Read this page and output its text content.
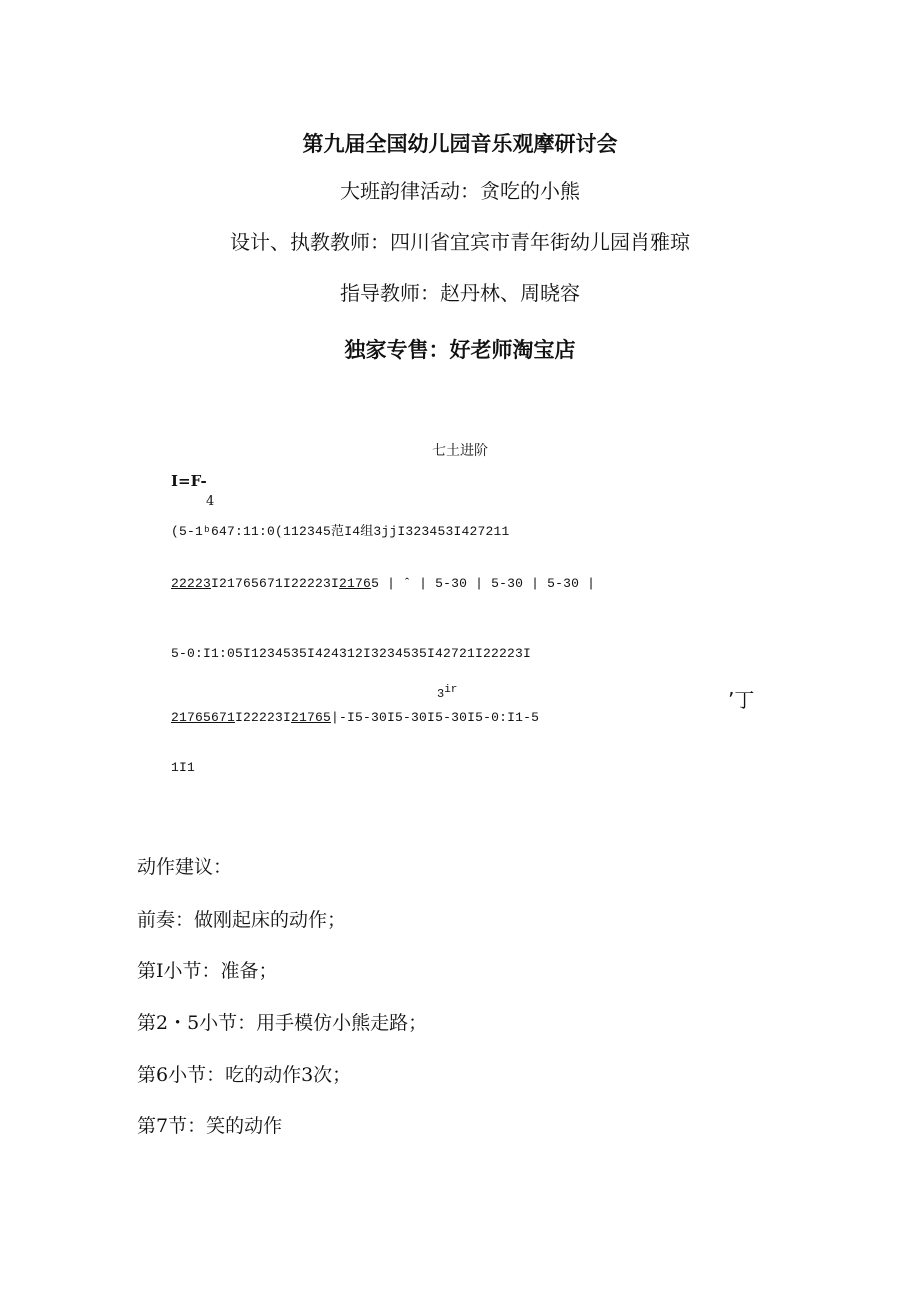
第九届全国幼儿园音乐观摩研讨会
大班韵律活动：贪吃的小熊
设计、执教教师：四川省宜宾市青年街幼儿园肖雅琼
指导教师：赵丹林、周晓容
独家专售：好老师淘宝店
七土进阶
I=F-
4
(5-1ᵇ647:11:0(112345范I4组3jjI323453I427211
22223I21765671I22223I21765 | ˆ | 5-30 | 5-30 | 5-30 |
5-0:I1:05I1234535I424312I3234535I42721I22223I
$3^{ir}$	’丁
21765671I22223I21765|-I5-30I5-30I5-30I5-0:I1-5
1I1
动作建议：
前奏：做刚起床的动作；
第I小节：准备；
第2・5小节：用手模仿小熊走路；
第6小节：吃的动作3次；
第7节：笑的动作
